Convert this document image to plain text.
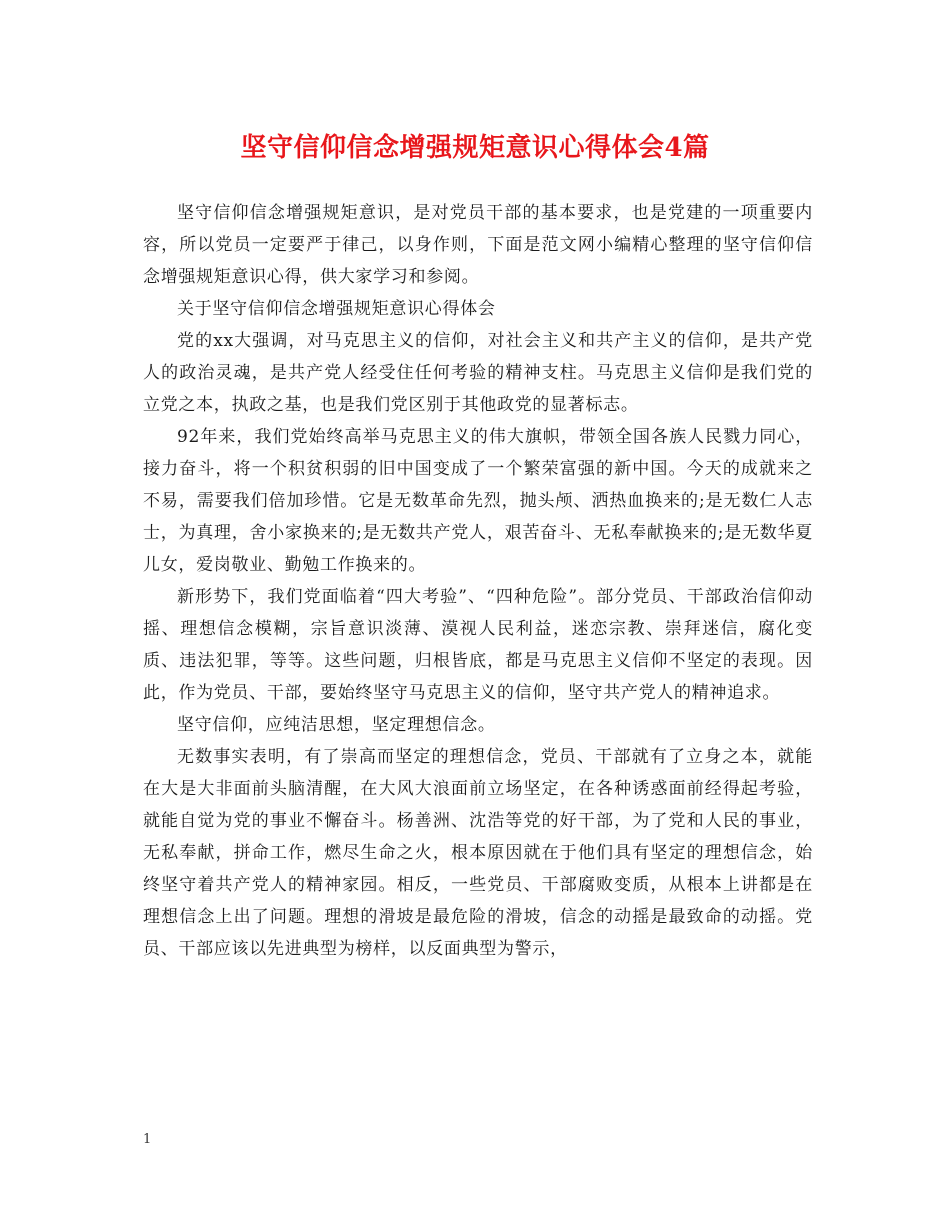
坚守信仰信念增强规矩意识心得体会4篇

坚守信仰信念增强规矩意识，是对党员干部的基本要求，也是党建的一项重要内容，所以党员一定要严于律己，以身作则，下面是范文网小编精心整理的坚守信仰信念增强规矩意识心得，供大家学习和参阅。

关于坚守信仰信念增强规矩意识心得体会

党的xx大强调，对马克思主义的信仰，对社会主义和共产主义的信仰，是共产党人的政治灵魂，是共产党人经受住任何考验的精神支柱。马克思主义信仰是我们党的立党之本，执政之基，也是我们党区别于其他政党的显著标志。

92年来，我们党始终高举马克思主义的伟大旗帜，带领全国各族人民戮力同心，接力奋斗，将一个积贫积弱的旧中国变成了一个繁荣富强的新中国。今天的成就来之不易，需要我们倍加珍惜。它是无数革命先烈，抛头颅、洒热血换来的;是无数仁人志士，为真理，舍小家换来的;是无数共产党人，艰苦奋斗、无私奉献换来的;是无数华夏儿女，爱岗敬业、勤勉工作换来的。

新形势下，我们党面临着“四大考验”、“四种危险”。部分党员、干部政治信仰动摇、理想信念模糊，宗旨意识淡薄、漠视人民利益，迷恋宗教、崇拜迷信，腐化变质、违法犯罪，等等。这些问题，归根皆底，都是马克思主义信仰不坚定的表现。因此，作为党员、干部，要始终坚守马克思主义的信仰，坚守共产党人的精神追求。

坚守信仰，应纯洁思想，坚定理想信念。

无数事实表明，有了崇高而坚定的理想信念，党员、干部就有了立身之本，就能在大是大非面前头脑清醒，在大风大浪面前立场坚定，在各种诱惑面前经得起考验，就能自觉为党的事业不懈奋斗。杨善洲、沈浩等党的好干部，为了党和人民的事业，无私奉献，拼命工作，燃尽生命之火，根本原因就在于他们具有坚定的理想信念，始终坚守着共产党人的精神家园。相反，一些党员、干部腐败变质，从根本上讲都是在理想信念上出了问题。理想的滑坡是最危险的滑坡，信念的动摇是最致命的动摇。党员、干部应该以先进典型为榜样，以反面典型为警示，

1
